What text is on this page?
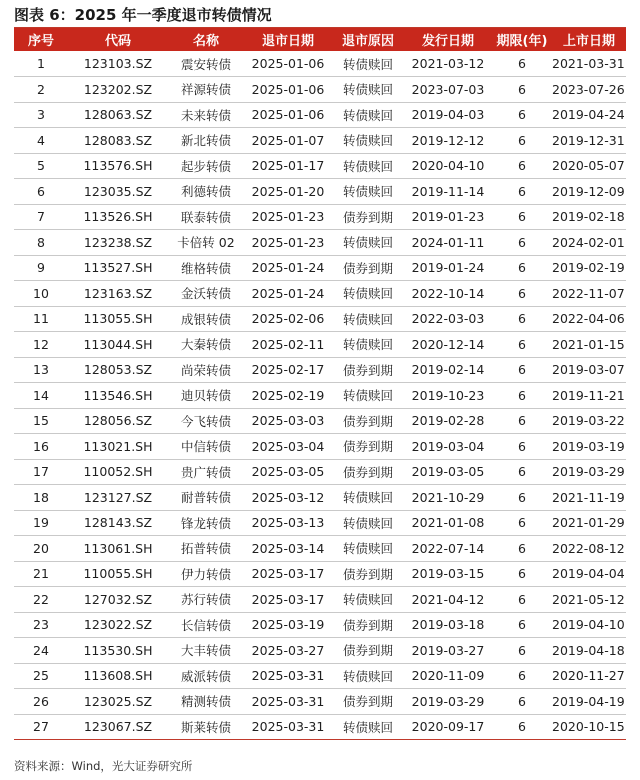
图表 6：2025 年一季度退市转债情况
序号	代码	名称	退市日期	退市原因	发行日期	期限(年)	上市日期
1	123103.SZ	震安转债	2025-01-06	转债赎回	2021-03-12	6	2021-03-31
2	123202.SZ	祥源转债	2025-01-06	转债赎回	2023-07-03	6	2023-07-26
3	128063.SZ	未来转债	2025-01-06	转债赎回	2019-04-03	6	2019-04-24
4	128083.SZ	新北转债	2025-01-07	转债赎回	2019-12-12	6	2019-12-31
5	113576.SH	起步转债	2025-01-17	转债赎回	2020-04-10	6	2020-05-07
6	123035.SZ	利德转债	2025-01-20	转债赎回	2019-11-14	6	2019-12-09
7	113526.SH	联泰转债	2025-01-23	债券到期	2019-01-23	6	2019-02-18
8	123238.SZ	卡倍转 02	2025-01-23	转债赎回	2024-01-11	6	2024-02-01
9	113527.SH	维格转债	2025-01-24	债券到期	2019-01-24	6	2019-02-19
10	123163.SZ	金沃转债	2025-01-24	转债赎回	2022-10-14	6	2022-11-07
11	113055.SH	成银转债	2025-02-06	转债赎回	2022-03-03	6	2022-04-06
12	113044.SH	大秦转债	2025-02-11	转债赎回	2020-12-14	6	2021-01-15
13	128053.SZ	尚荣转债	2025-02-17	债券到期	2019-02-14	6	2019-03-07
14	113546.SH	迪贝转债	2025-02-19	转债赎回	2019-10-23	6	2019-11-21
15	128056.SZ	今飞转债	2025-03-03	债券到期	2019-02-28	6	2019-03-22
16	113021.SH	中信转债	2025-03-04	债券到期	2019-03-04	6	2019-03-19
17	110052.SH	贵广转债	2025-03-05	债券到期	2019-03-05	6	2019-03-29
18	123127.SZ	耐普转债	2025-03-12	转债赎回	2021-10-29	6	2021-11-19
19	128143.SZ	锋龙转债	2025-03-13	转债赎回	2021-01-08	6	2021-01-29
20	113061.SH	拓普转债	2025-03-14	转债赎回	2022-07-14	6	2022-08-12
21	110055.SH	伊力转债	2025-03-17	债券到期	2019-03-15	6	2019-04-04
22	127032.SZ	苏行转债	2025-03-17	转债赎回	2021-04-12	6	2021-05-12
23	123022.SZ	长信转债	2025-03-19	债券到期	2019-03-18	6	2019-04-10
24	113530.SH	大丰转债	2025-03-27	债券到期	2019-03-27	6	2019-04-18
25	113608.SH	威派转债	2025-03-31	转债赎回	2020-11-09	6	2020-11-27
26	123025.SZ	精测转债	2025-03-31	债券到期	2019-03-29	6	2019-04-19
27	123067.SZ	斯莱转债	2025-03-31	转债赎回	2020-09-17	6	2020-10-15
资料来源：Wind，光大证券研究所
